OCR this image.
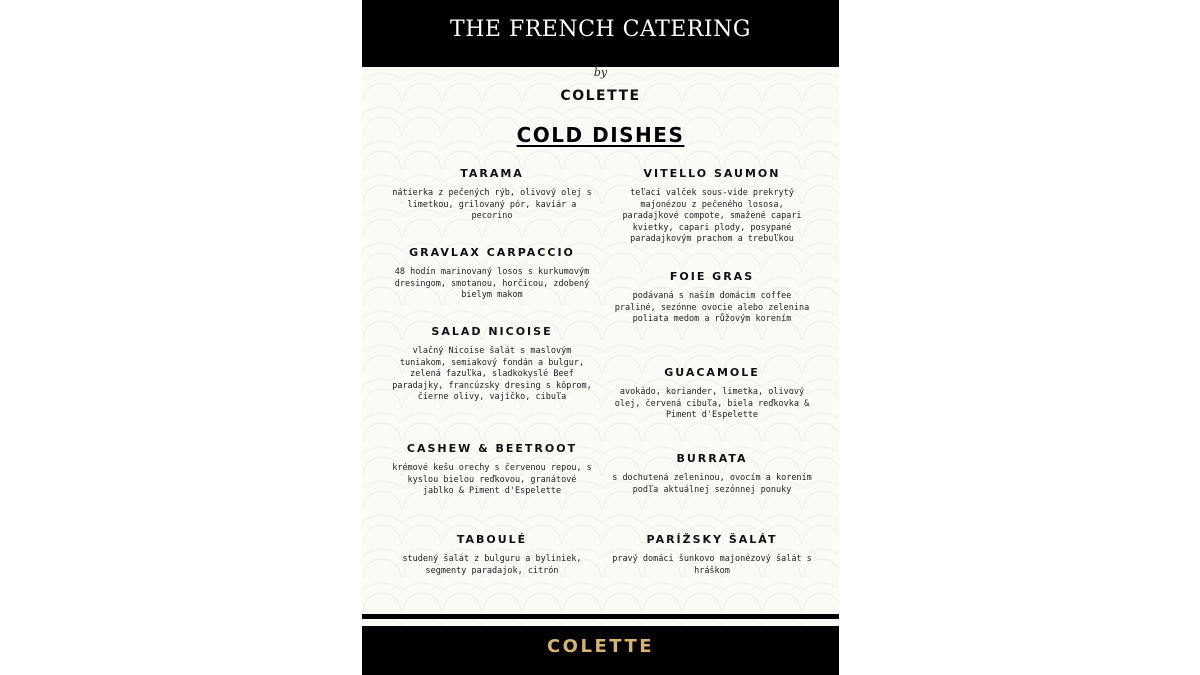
THE FRENCH CATERING
by
COLETTE
COLD DISHES
TARAMA
nátierka z pečených rýb, olivový olej s limetkou, grilovaný pór, kaviár a pecorino
GRAVLAX CARPACCIO
48 hodín marinovaný losos s kurkumovým dresingom, smotanou, horčicou, zdobený bielym makom
SALAD NICOISE
vlačný Nicoise šalát s maslovým tuniakom, semiakový fondán a bulgur, zelená fazuľka, sladkokyslé Beef paradajky, francúzsky dresing s kôprom, čierne olivy, vajíčko, cibuľa
CASHEW & BEETROOT
krémové kešu orechy s červenou repou, s kyslou bielou reďkovou, granátové jablko & Piment d'Espelette
TABOULÉ
studený šalát z bulguru a byliniek, segmenty paradajok, citrón
VITELLO SAUMON
teľací valček sous-vide prekrytý majonézou z pečeného lososa, paradajkové compote, smažené capari kvietky, capari plody, posypané paradajkovým prachom a trebuľkou
FOIE GRAS
podávaná s naším domácim coffee praliné, sezónne ovocie alebo zelenina poliata medom a růžovým korením
GUACAMOLE
avokádo, koriander, limetka, olivový olej, červená cibuľa, biela reďkovka & Piment d'Espelette
BURRATA
s dochutená zeleninou, ovocím a korením podľa aktuálnej sezónnej ponuky
PARÍŽSKY ŠALÁT
pravý domáci šunkovo majonézový šalát s hráškom
COLETTE
